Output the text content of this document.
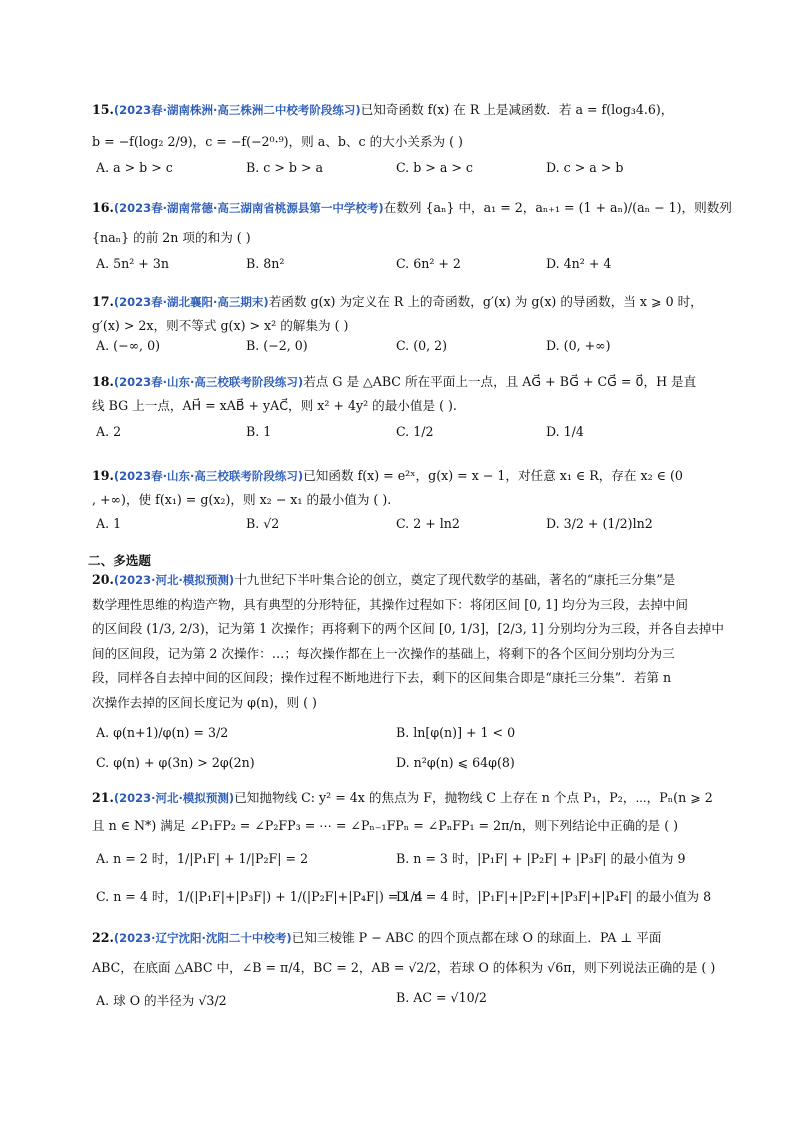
15.(2023春·湖南株洲·高三株洲二中校考阶段练习)已知奇函数 f(x) 在 R 上是减函数．若 a = f(log₃4.6)，

b = −f(log₂ 2/9)，c = −f(−2⁰·⁹)，则 a、b、c 的大小关系为 ( )

A. a > b > c	B. c > b > a	C. b > a > c	D. c > a > b

16.(2023春·湖南常德·高三湖南省桃源县第一中学校考)在数列 {aₙ} 中，a₁ = 2，aₙ₊₁ = (1 + aₙ)/(aₙ − 1)，则数列

{naₙ} 的前 2n 项的和为 ( )

A. 5n² + 3n	B. 8n²	C. 6n² + 2	D. 4n² + 4

17.(2023春·湖北襄阳·高三期末)若函数 g(x) 为定义在 R 上的奇函数，g′(x) 为 g(x) 的导函数，当 x ⩾ 0 时，

g′(x) > 2x，则不等式 g(x) > x² 的解集为 ( )

A. (−∞, 0)	B. (−2, 0)	C. (0, 2)	D. (0, +∞)

18.(2023春·山东·高三校联考阶段练习)若点 G 是 △ABC 所在平面上一点，且 AG⃗ + BG⃗ + CG⃗ = 0⃗，H 是直

线 BG 上一点，AH⃗ = xAB⃗ + yAC⃗，则 x² + 4y² 的最小值是 ( ).

A. 2	B. 1	C. 1/2	D. 1/4

19.(2023春·山东·高三校联考阶段练习)已知函数 f(x) = e²ˣ，g(x) = x − 1，对任意 x₁ ∈ R，存在 x₂ ∈ (0

, +∞)，使 f(x₁) = g(x₂)，则 x₂ − x₁ 的最小值为 ( ).

A. 1	B. √2	C. 2 + ln2	D. 3/2 + (1/2)ln2
二、多选题

20.(2023·河北·模拟预测)十九世纪下半叶集合论的创立，奠定了现代数学的基础，著名的“康托三分集”是

数学理性思维的构造产物，具有典型的分形特征，其操作过程如下：将闭区间 [0, 1] 均分为三段，去掉中间

的区间段 (1/3, 2/3)，记为第 1 次操作；再将剩下的两个区间 [0, 1/3]，[2/3, 1] 分别均分为三段，并各自去掉中

间的区间段，记为第 2 次操作：…；每次操作都在上一次操作的基础上，将剩下的各个区间分别均分为三

段，同样各自去掉中间的区间段；操作过程不断地进行下去，剩下的区间集合即是“康托三分集”．若第 n

次操作去掉的区间长度记为 φ(n)，则 ( )

A. φ(n+1)/φ(n) = 3/2	B. ln[φ(n)] + 1 < 0
C. φ(n) + φ(3n) > 2φ(2n)	D. n²φ(n) ⩽ 64φ(8)

21.(2023·河北·模拟预测)已知抛物线 C: y² = 4x 的焦点为 F，抛物线 C 上存在 n 个点 P₁，P₂，⋯，Pₙ(n ⩾ 2

且 n ∈ N*) 满足 ∠P₁FP₂ = ∠P₂FP₃ = ⋯ = ∠Pₙ₋₁FPₙ = ∠PₙFP₁ = 2π/n，则下列结论中正确的是 ( )

A. n = 2 时，1/|P₁F| + 1/|P₂F| = 2	B. n = 3 时，|P₁F| + |P₂F| + |P₃F| 的最小值为 9
C. n = 4 时，1/(|P₁F|+|P₃F|) + 1/(|P₂F|+|P₄F|) = 1/4
D. n = 4 时，|P₁F|+|P₂F|+|P₃F|+|P₄F| 的最小值为 8

22.(2023·辽宁沈阳·沈阳二十中校考)已知三棱锥 P − ABC 的四个顶点都在球 O 的球面上．PA ⊥ 平面

ABC，在底面 △ABC 中，∠B = π/4，BC = 2，AB = √2/2，若球 O 的体积为 √6π，则下列说法正确的是 ( )

A. 球 O 的半径为 √3/2	B. AC = √10/2
